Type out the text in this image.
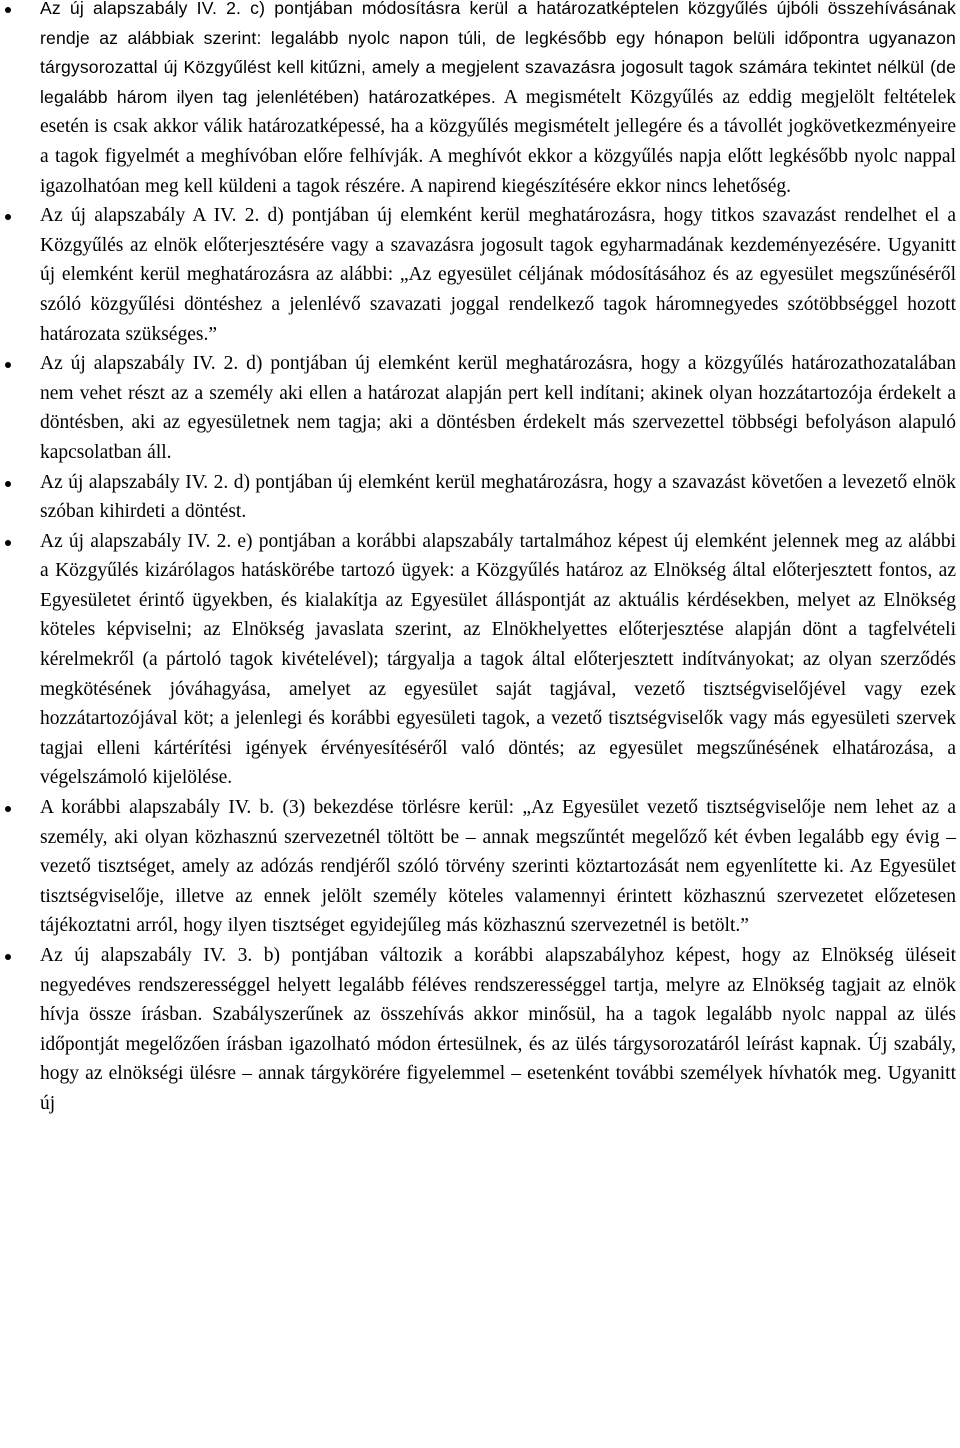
Az új alapszabály IV. 2. c) pontjában módosításra kerül a határozatképtelen közgyűlés újbóli összehívásának rendje az alábbiak szerint: legalább nyolc napon túli, de legkésőbb egy hónapon belüli időpontra ugyanazon tárgysorozattal új Közgyűlést kell kitűzni, amely a megjelent szavazásra jogosult tagok számára tekintet nélkül (de legalább három ilyen tag jelenlétében) határozatképes. A megismételt Közgyűlés az eddig megjelölt feltételek esetén is csak akkor válik határozatképessé, ha a közgyűlés megismételt jellegére és a távollét jogkövetkezményeire a tagok figyelmét a meghívóban előre felhívják. A meghívót ekkor a közgyűlés napja előtt legkésőbb nyolc nappal igazolhatóan meg kell küldeni a tagok részére. A napirend kiegészítésére ekkor nincs lehetőség.
Az új alapszabály A IV. 2. d) pontjában új elemként kerül meghatározásra, hogy titkos szavazást rendelhet el a Közgyűlés az elnök előterjesztésére vagy a szavazásra jogosult tagok egyharmadának kezdeményezésére. Ugyanitt új elemként kerül meghatározásra az alábbi: „Az egyesület céljának módosításához és az egyesület megszűnéséről szóló közgyűlési döntéshez a jelenlévő szavazati joggal rendelkező tagok háromnegyedes szótöbbséggel hozott határozata szükséges.”
Az új alapszabály IV. 2. d) pontjában új elemként kerül meghatározásra, hogy a közgyűlés határozathozatalában nem vehet részt az a személy aki ellen a határozat alapján pert kell indítani; akinek olyan hozzátartozója érdekelt a döntésben, aki az egyesületnek nem tagja; aki a döntésben érdekelt más szervezettel többségi befolyáson alapuló kapcsolatban áll.
Az új alapszabály IV. 2. d) pontjában új elemként kerül meghatározásra, hogy a szavazást követően a levezető elnök szóban kihirdeti a döntést.
Az új alapszabály IV. 2. e) pontjában a korábbi alapszabály tartalmához képest új elemként jelennek meg az alábbi a Közgyűlés kizárólagos hatáskörébe tartozó ügyek: a Közgyűlés határoz az Elnökség által előterjesztett fontos, az Egyesületet érintő ügyekben, és kialakítja az Egyesület álláspontját az aktuális kérdésekben, melyet az Elnökség köteles képviselni; az Elnökség javaslata szerint, az Elnökhelyettes előterjesztése alapján dönt a tagfelvételi kérelmekről (a pártoló tagok kivételével); tárgyalja a tagok által előterjesztett indítványokat; az olyan szerződés megkötésének jóváhagyása, amelyet az egyesület saját tagjával, vezető tisztségviselőjével vagy ezek hozzátartozójával köt; a jelenlegi és korábbi egyesületi tagok, a vezető tisztségviselők vagy más egyesületi szervek tagjai elleni kártérítési igények érvényesítéséről való döntés; az egyesület megszűnésének elhatározása, a végelszámoló kijelölése.
A korábbi alapszabály IV. b. (3) bekezdése törlésre kerül: „Az Egyesület vezető tisztségviselője nem lehet az a személy, aki olyan közhasznú szervezetnél töltött be – annak megszűntét megelőző két évben legalább egy évig – vezető tisztséget, amely az adózás rendjéről szóló törvény szerinti köztartozását nem egyenlítette ki. Az Egyesület tisztségviselője, illetve az ennek jelölt személy köteles valamennyi érintett közhasznú szervezetet előzetesen tájékoztatni arról, hogy ilyen tisztséget egyidejűleg más közhasznú szervezetnél is betölt.”
Az új alapszabály IV. 3. b) pontjában változik a korábbi alapszabályhoz képest, hogy az Elnökség üléseit negyedéves rendszerességgel helyett legalább féléves rendszerességgel tartja, melyre az Elnökség tagjait az elnök hívja össze írásban. Szabályszerűnek az összehívás akkor minősül, ha a tagok legalább nyolc nappal az ülés időpontját megelőzően írásban igazolható módon értesülnek, és az ülés tárgysorozatáról leírást kapnak. Új szabály, hogy az elnökségi ülésre – annak tárgykörére figyelemmel – esetenként további személyek hívhatók meg. Ugyanitt új
